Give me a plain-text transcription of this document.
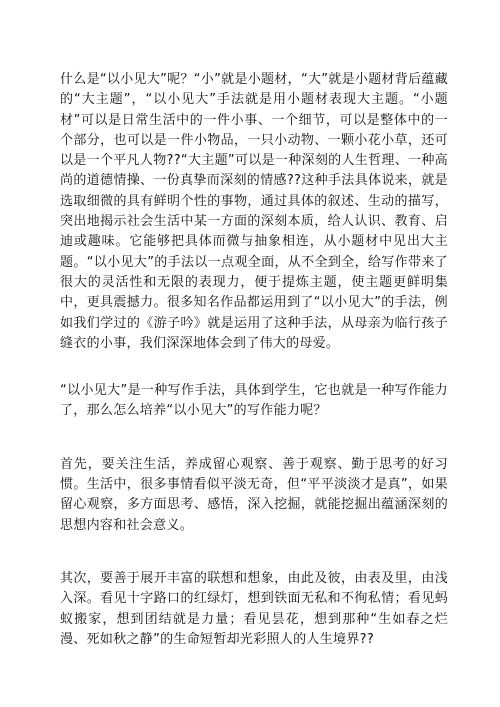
什么是“以小见大”呢？“小”就是小题材，“大”就是小题材背后蕴藏的“大主题”，“以小见大”手法就是用小题材表现大主题。“小题材”可以是日常生活中的一件小事、一个细节，可以是整体中的一个部分，也可以是一件小物品，一只小动物、一颗小花小草，还可以是一个平凡人物??“大主题”可以是一种深刻的人生哲理、一种高尚的道德情操、一份真挚而深刻的情感??这种手法具体说来，就是选取细微的具有鲜明个性的事物，通过具体的叙述、生动的描写，突出地揭示社会生活中某一方面的深刻本质，给人认识、教育、启迪或趣味。它能够把具体而微与抽象相连，从小题材中见出大主题。“以小见大”的手法以一点观全面，从不全到全，给写作带来了很大的灵活性和无限的表现力，便于提炼主题，使主题更鲜明集中，更具震撼力。很多知名作品都运用到了“以小见大”的手法，例如我们学过的《游子吟》就是运用了这种手法，从母亲为临行孩子缝衣的小事，我们深深地体会到了伟大的母爱。

“以小见大”是一种写作手法，具体到学生，它也就是一种写作能力了，那么怎么培养“以小见大”的写作能力呢？

首先，要关注生活，养成留心观察、善于观察、勤于思考的好习惯。生活中，很多事情看似平淡无奇，但“平平淡淡才是真”，如果留心观察，多方面思考、感悟，深入挖掘，就能挖掘出蕴涵深刻的思想内容和社会意义。

其次，要善于展开丰富的联想和想象，由此及彼，由表及里，由浅入深。看见十字路口的红绿灯，想到铁面无私和不徇私情；看见蚂蚁搬家，想到团结就是力量；看见昙花，想到那种“生如春之烂漫、死如秋之静”的生命短暂却光彩照人的人生境界??
